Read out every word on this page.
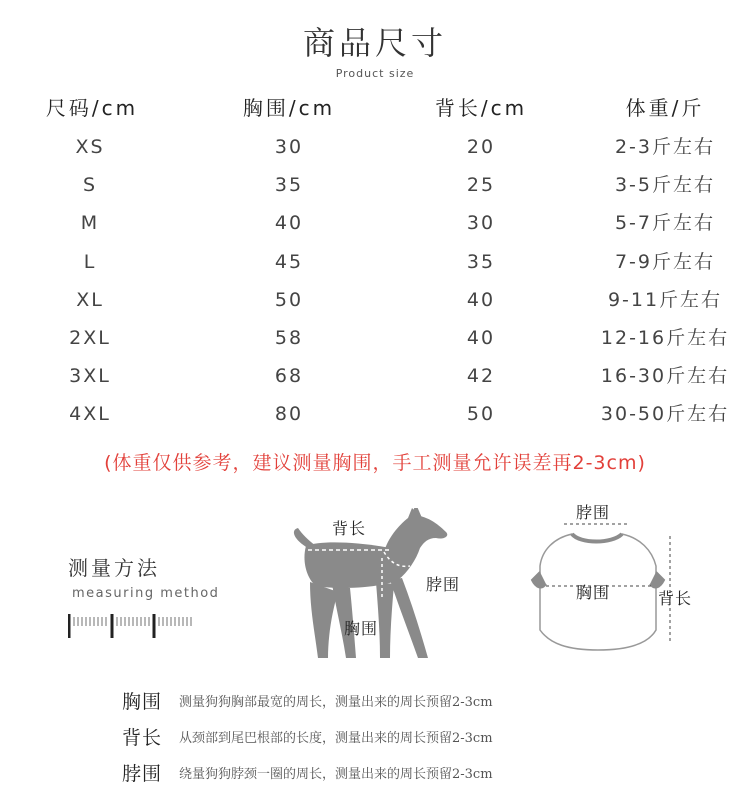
商品尺寸
Product size
尺码/cm	胸围/cm	背长/cm	体重/斤
XS	30	20	2-3斤左右
S	35	25	3-5斤左右
M	40	30	5-7斤左右
L	45	35	7-9斤左右
XL	50	40	9-11斤左右
2XL	58	40	12-16斤左右
3XL	68	42	16-30斤左右
4XL	80	50	30-50斤左右
(体重仅供参考，建议测量胸围，手工测量允许误差再2-3cm)
测量方法
measuring method
背长
脖围
胸围
脖围
胸围	背长
胸围	测量狗狗胸部最宽的周长，测量出来的周长预留2-3cm
背长	从颈部到尾巴根部的长度，测量出来的周长预留2-3cm
脖围	绕量狗狗脖颈一圈的周长，测量出来的周长预留2-3cm
